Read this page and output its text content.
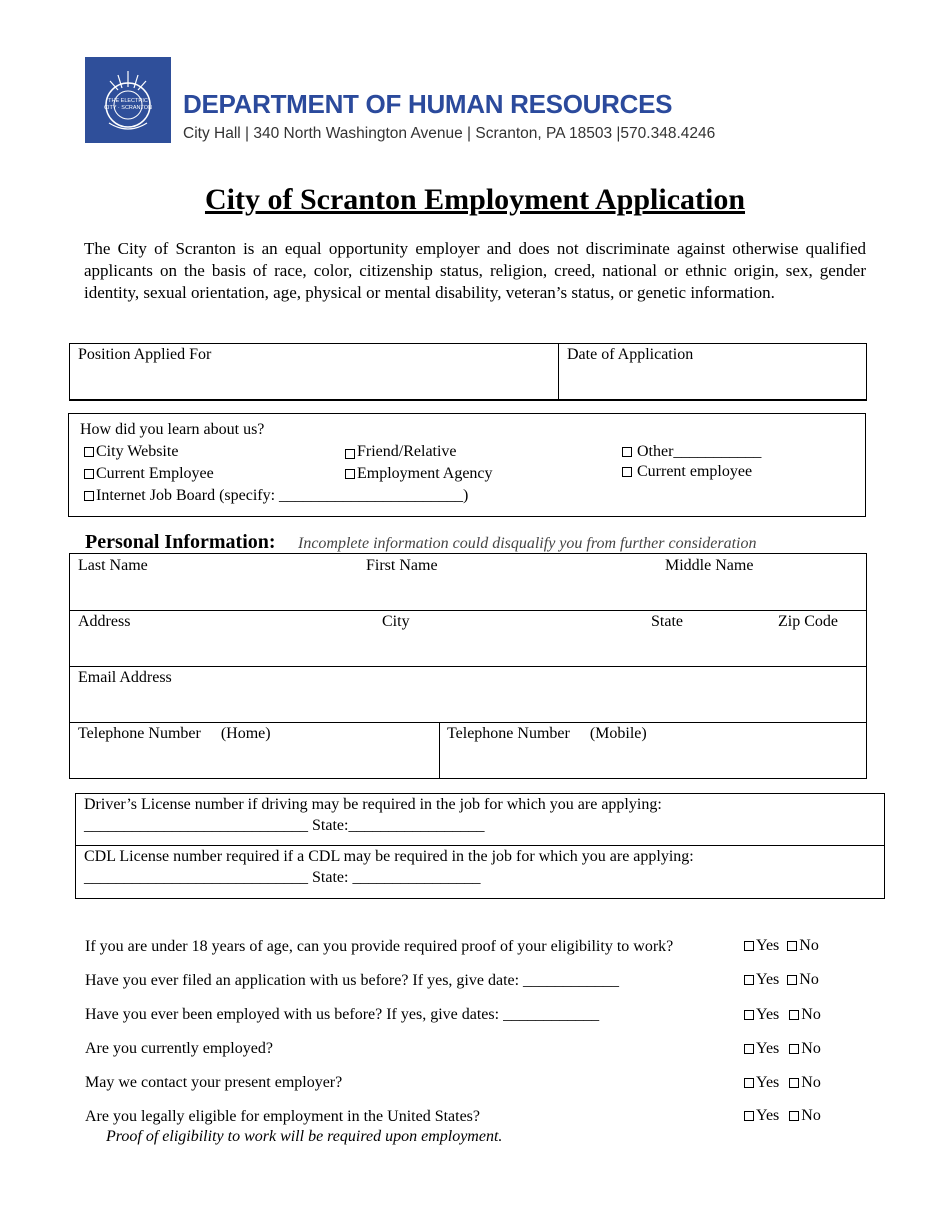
THE ELECTRIC CITY · SCRANTON DEPARTMENT OF HUMAN RESOURCES
City Hall | 340 North Washington Avenue | Scranton, PA 18503 |570.348.4246
City of Scranton Employment Application
The City of Scranton is an equal opportunity employer and does not discriminate against otherwise qualified applicants on the basis of race, color, citizenship status, religion, creed, national or ethnic origin, sex, gender identity, sexual orientation, age, physical or mental disability, veteran’s status, or genetic information.
Position Applied For	Date of Application
How did you learn about us?
City Website	Friend/Relative	Other___________
Current Employee	Employment Agency	Current employee
Internet Job Board (specify: _______________________)
Personal Information: Incomplete information could disqualify you from further consideration
Last Name	First Name	Middle Name
Address	City	State	Zip Code
Email Address
Telephone Number (Home)	Telephone Number (Mobile)
Driver’s License number if driving may be required in the job for which you are applying:
____________________________ State:_________________
CDL License number required if a CDL may be required in the job for which you are applying:
____________________________ State: ________________
If you are under 18 years of age, can you provide required proof of your eligibility to work?	Yes No
Have you ever filed an application with us before? If yes, give date: ____________	Yes No
Have you ever been employed with us before? If yes, give dates: ____________	Yes No
Are you currently employed?	Yes No
May we contact your present employer?	Yes No
Are you legally eligible for employment in the United States?	Yes No
Proof of eligibility to work will be required upon employment.
